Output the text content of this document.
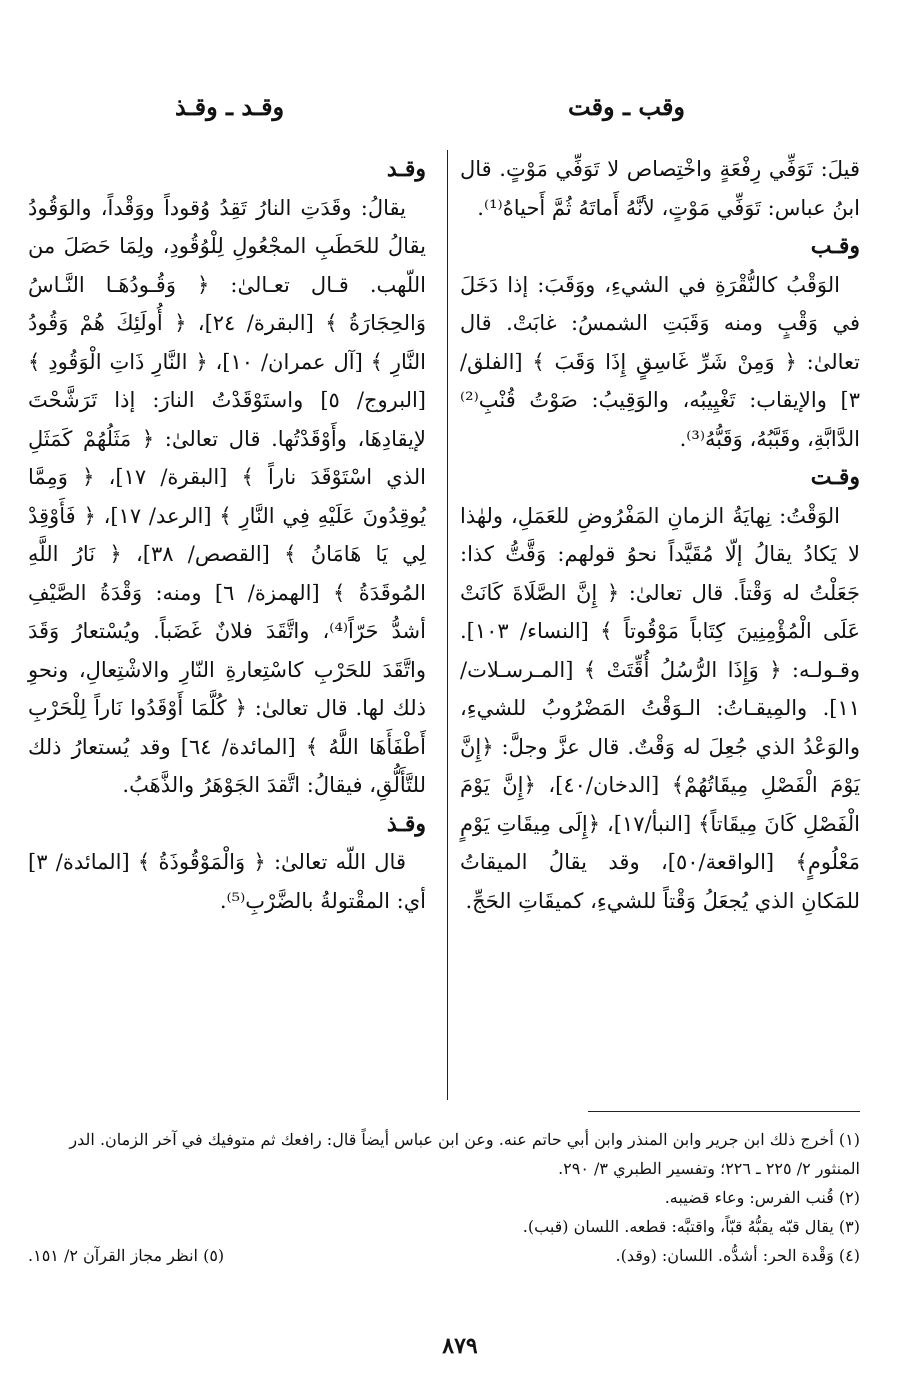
وقب ـ وقت
وقـد ـ وقـذ

قيلَ: تَوَفِّي رِفْعَةٍ واخْتِصاص لا تَوَفِّي مَوْتٍ. قال ابنُ عباس: تَوَفِّي مَوْتٍ، لأنَّهُ أَماتَهُ ثُمَّ أَحياهُ⁽¹⁾.

وقـب

الوَقْبُ كالنُّقْرَةِ في الشيءِ، ووَقَبَ: إذا دَخَلَ في وَقْبٍ ومنه وَقَبَتِ الشمسُ: غابَتْ. قال تعالىٰ: ﴿ وَمِنْ شَرِّ غَاسِقٍ إِذَا وَقَبَ ﴾ [الفلق/ ٣] والإيقاب: تَغْيِيبُه، والوَقِيبُ: صَوْتُ قُنْبِ⁽²⁾ الدَّابَّةِ، وقَبَّبُهُ، وَقَبُّهُ⁽³⁾.

وقـت

الوَقْتُ: نِهايَةُ الزمانِ المَفْرُوضِ للعَمَلِ، ولهٰذا لا يَكادُ يقالُ إلّا مُقَيَّداً نحوُ قولهم: وَقَّتُّ كذا: جَعَلْتُ له وَقْتاً. قال تعالىٰ: ﴿ إِنَّ الصَّلَاةَ كَانَتْ عَلَى الْمُؤْمِنِينَ كِتَاباً مَوْقُوتاً ﴾ [النساء/ ١٠٣]. وقـولـه: ﴿ وَإِذَا الرُّسُلُ أُقِّتَتْ ﴾ [المـرسـلات/ ١١]. والمِيقـاتُ: الـوَقْتُ المَضْرُوبُ للشيءِ، والوَعْدُ الذي جُعِلَ له وَقْتٌ. قال عزَّ وجلَّ: ﴿إِنَّ يَوْمَ الْفَصْلِ مِيقَاتُهُمْ﴾ [الدخان/٤٠]، ﴿إِنَّ يَوْمَ الْفَصْلِ كَانَ مِيقَاتاً﴾ [النبأ/١٧]، ﴿إِلَى مِيقَاتِ يَوْمٍ مَعْلُومٍ﴾ [الواقعة/٥٠]، وقد يقالُ الميقاتُ للمَكانِ الذي يُجعَلُ وَقْتاً للشيءِ، كميقَاتِ الحَجِّ.

وقـد

يقالُ: وقَدَتِ النارُ تَقِدُ وُقوداً ووَقْداً، والوَقُودُ يقالُ للحَطَبِ المجْعُولِ لِلْوُقُودِ، ولِمَا حَصَلَ من اللّهب. قـال تعـالىٰ: ﴿ وَقُـودُهَـا النَّـاسُ وَالحِجَارَةُ ﴾ [البقرة/ ٢٤]، ﴿ أُولَئِكَ هُمْ وَقُودُ النَّارِ ﴾ [آل عمران/ ١٠]، ﴿ النَّارِ ذَاتِ الْوَقُودِ ﴾ [البروج/ ٥] واستَوْقَدْتُ النارَ: إذا تَرَشَّحْتَ لإيقادِهَا، وأَوْقَدْتُها. قال تعالىٰ: ﴿ مَثَلُهُمْ كَمَثَلِ الذي اسْتَوْقَدَ ناراً ﴾ [البقرة/ ١٧]، ﴿ وَمِمَّا يُوقِدُونَ عَلَيْهِ فِي النَّارِ ﴾ [الرعد/ ١٧]، ﴿ فَأَوْقِدْ لِي يَا هَامَانُ ﴾ [القصص/ ٣٨]، ﴿ نَارُ اللَّهِ المُوقَدَةُ ﴾ [الهمزة/ ٦] ومنه: وَقْدَةُ الصَّيْفِ أشدُّ حَرّاً⁽⁴⁾، واتَّقَدَ فلانٌ غَضَباً. ويُسْتعارُ وَقَدَ واتَّقَدَ للحَرْبِ كاسْتِعارةِ النّارِ والاشْتِعالِ، ونحوِ ذلك لها. قال تعالىٰ: ﴿ كُلَّمَا أَوْقَدُوا نَاراً لِلْحَرْبِ أَطْفَأَهَا اللَّهُ ﴾ [المائدة/ ٦٤] وقد يُستعارُ ذلك للتَّأَلُّقِ، فيقالُ: اتَّقدَ الجَوْهَرُ والذَّهَبُ.

وقـذ

قال اللّه تعالىٰ: ﴿ وَالْمَوْقُوذَةُ ﴾ [المائدة/ ٣] أي: المقْتولةُ بالضَّرْبِ⁽⁵⁾.

(١) أخرج ذلك ابن جرير وابن المنذر وابن أبي حاتم عنه. وعن ابن عباس أيضاً قال: رافعك ثم متوفيك في آخر الزمان. الدر المنثور ٢/ ٢٢٥ ـ ٢٢٦؛ وتفسير الطبري ٣/ ٢٩٠.

(٢) قُنب الفرس: وعاء قضيبه.

(٣) يقال قبّه يقبُّهُ قبّاً، واقتبَّه: قطعه. اللسان (قبب).

(٤) وَقْدة الحر: أشدُّه. اللسان: (وقد).

(٥) انظر مجاز القرآن ٢/ ١٥١.

٨٧٩
